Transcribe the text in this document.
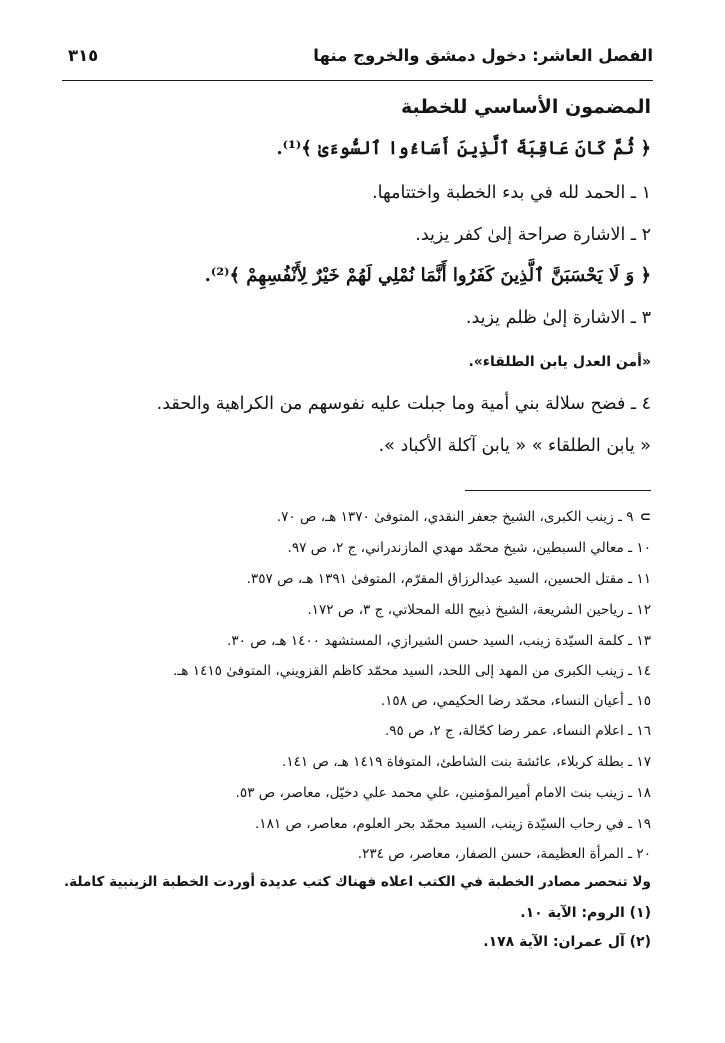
الفصل العاشر: دخول دمشق والخروج منها
٣١٥
المضمون الأساسي للخطبة
﴿ ثُمَّ كَانَ عَاقِبَةَ ٱلَّذِينَ أَسَاءُوا ٱلسُّوءَىٰ ﴾⁽¹⁾.
١ ـ الحمد لله في بدء الخطبة واختتامها.
٢ ـ الاشارة صراحة إلىٰ كفر يزيد.
﴿ وَ لَا يَحْسَبَنَّ ٱلَّذِينَ كَفَرُوا أَنَّمَا نُمْلِي لَهُمْ خَيْرٌ لِأَنْفُسِهِمْ ﴾⁽²⁾.
٣ ـ الاشارة إلىٰ ظلم يزيد.
«أمن العدل يابن الطلقاء».
٤ ـ فضح سلالة بني أمية وما جبلت عليه نفوسهم من الكراهية والحقد.
« يابن الطلقاء » « يابن آكلة الأكباد ».
⊃٩ ـ زينب الكبرى، الشيخ جعفر النقدي، المتوفىٰ ١٣٧٠ هـ، ص ٧٠.
١٠ ـ معالي السبطين، شيخ محمّد مهدي المازندراني، ج ٢، ص ٩٧.
١١ ـ مقتل الحسين، السيد عبدالرزاق المقرّم، المتوفىٰ ١٣٩١ هـ، ص ٣٥٧.
١٢ ـ رياحين الشريعة، الشيخ ذبيح الله المحلاتي، ج ٣، ص ١٧٢.
١٣ ـ كلمة السيّدة زينب، السيد حسن الشيرازي، المستشهد ١٤٠٠ هـ، ص ٣٠.
١٤ ـ زينب الكبرى من المهد إلى اللحد، السيد محمّد كاظم القزويني، المتوفىٰ ١٤١٥ هـ.
١٥ ـ أعيان النساء، محمّد رضا الحكيمي، ص ١٥٨.
١٦ ـ اعلام النساء، عمر رضا كحّالة، ج ٢، ص ٩٥.
١٧ ـ بطلة كربلاء، عائشة بنت الشاطئ، المتوفاة ١٤١٩ هـ، ص ١٤١.
١٨ ـ زينب بنت الامام أميرالمؤمنين، علي محمد علي دخيّل، معاصر، ص ٥٣.
١٩ ـ في رحاب السيّدة زينب، السيد محمّد بحر العلوم، معاصر، ص ١٨١.
٢٠ ـ المرأة العظيمة، حسن الصفار، معاصر، ص ٢٣٤.
ولا تنحصر مصادر الخطبة في الكتب اعلاه فهناك كتب عديدة أوردت الخطبة الزينبية كاملة.
(١) الروم: الآية ١٠.
(٢) آل عمران: الآية ١٧٨.
